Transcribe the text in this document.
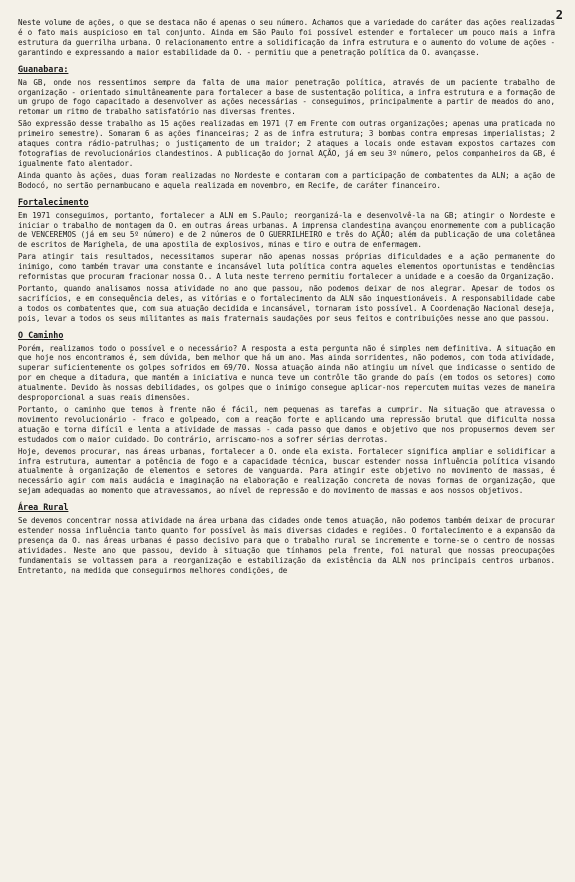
2

Neste volume de ações, o que se destaca não é apenas o seu número. Achamos que a variedade do caráter das ações realizadas é o fato mais auspicioso em tal conjunto. Ainda em São Paulo foi possível estender e fortalecer um pouco mais a infra estrutura da guerrilha urbana. O relacionamento entre a solidificação da infra estrutura e o aumento do volume de ações - garantindo e expressando a maior estabilidade da O. - permitiu que a penetração política da O. avançasse.

Guanabara:

Na GB, onde nos ressentimos sempre da falta de uma maior penetração política, através de um paciente trabalho de organização - orientado simultâneamente para fortalecer a base de sustentação política, a infra estrutura e a formação de um grupo de fogo capacitado a desenvolver as ações necessárias - conseguimos, principalmente a partir de meados do ano, retomar um ritmo de trabalho satisfatório nas diversas frentes.

São expressão desse trabalho as 15 ações realizadas em 1971 (7 em Frente com outras organizações; apenas uma praticada no primeiro semestre). Somaram 6 as ações financeiras; 2 as de infra estrutura; 3 bombas contra empresas imperialistas; 2 ataques contra rádio-patrulhas; o justiçamento de um traidor; 2 ataques a locais onde estavam expostos cartazes com fotografias de revolucionários clandestinos. A publicação do jornal AÇÃO, já em seu 3º número, pelos companheiros da GB, é igualmente fato alentador.

Ainda quanto às ações, duas foram realizadas no Nordeste e contaram com a participação de combatentes da ALN; a ação de Bodocó, no sertão pernambucano e aquela realizada em novembro, em Recife, de caráter financeiro.

Fortalecimento

Em 1971 conseguimos, portanto, fortalecer a ALN em S.Paulo; reorganizá-la e desenvolvê-la na GB; atingir o Nordeste e iniciar o trabalho de montagem da O. em outras áreas urbanas. A imprensa clandestina avançou enormemente com a publicação de VENCEREMOS (já em seu 5º número) e de 2 números de O GUERRILHEIRO e três do AÇÃO; além da publicação de uma coletânea de escritos de Marighela, de uma apostila de explosivos, minas e tiro e outra de enfermagem.

Para atingir tais resultados, necessitamos superar não apenas nossas próprias dificuldades e a ação permanente do inimigo, como também travar uma constante e incansável luta política contra aqueles elementos oportunistas e tendências reformistas que procuram fracionar nossa O.. A luta neste terreno permitiu fortalecer a unidade e a coesão da Organização.

Portanto, quando analisamos nossa atividade no ano que passou, não podemos deixar de nos alegrar. Apesar de todos os sacrifícios, e em consequência deles, as vitórias e o fortalecimento da ALN são inquestionáveis. A responsabilidade cabe a todos os combatentes que, com sua atuação decidida e incansável, tornaram isto possível. A Coordenação Nacional deseja, pois, levar a todos os seus militantes as mais fraternais saudações por seus feitos e contribuições nesse ano que passou.

O Caminho

Porém, realizamos todo o possível e o necessário? A resposta a esta pergunta não é simples nem definitiva. A situação em que hoje nos encontramos é, sem dúvida, bem melhor que há um ano. Mas ainda sorridentes, não podemos, com toda atividade, superar suficientemente os golpes sofridos em 69/70. Nossa atuação ainda não atingiu um nível que indicasse o sentido de por em cheque a ditadura, que mantém a iniciativa e nunca teve um contrôle tão grande do país (em todos os setores) como atualmente. Devido às nossas debilidades, os golpes que o inimigo consegue aplicar-nos repercutem muitas vezes de maneira desproporcional a suas reais dimensões.

Portanto, o caminho que temos à frente não é fácil, nem pequenas as tarefas a cumprir. Na situação que atravessa o movimento revolucionário - fraco e golpeado, com a reação forte e aplicando uma repressão brutal que dificulta nossa atuação e torna difícil e lenta a atividade de massas - cada passo que damos e objetivo que nos propusermos devem ser estudados com o maior cuidado. Do contrário, arriscamo-nos a sofrer sérias derrotas.

Hoje, devemos procurar, nas áreas urbanas, fortalecer a O. onde ela exista. Fortalecer significa ampliar e solidificar a infra estrutura, aumentar a potência de fogo e a capacidade técnica, buscar estender nossa influência política visando atualmente à organização de elementos e setores de vanguarda. Para atingir este objetivo no movimento de massas, é necessário agir com mais audácia e imaginação na elaboração e realização concreta de novas formas de organização, que sejam adequadas ao momento que atravessamos, ao nível de repressão e do movimento de massas e aos nossos objetivos.

Área Rural

Se devemos concentrar nossa atividade na área urbana das cidades onde temos atuação, não podemos também deixar de procurar estender nossa influência tanto quanto for possível às mais diversas cidades e regiões. O fortalecimento e a expansão da presença da O. nas áreas urbanas é passo decisivo para que o trabalho rural se incremente e torne-se o centro de nossas atividades. Neste ano que passou, devido à situação que tínhamos pela frente, foi natural que nossas preocupações fundamentais se voltassem para a reorganização e estabilização da existência da ALN nos principais centros urbanos. Entretanto, na medida que conseguirmos melhores condições, de
